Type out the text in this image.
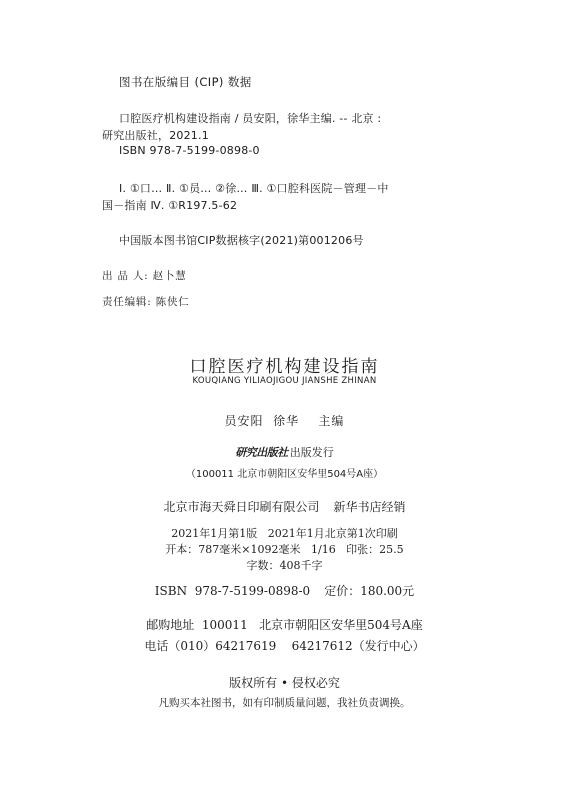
图书在版编目 (CIP) 数据
口腔医疗机构建设指南 / 员安阳，徐华主编. -- 北京 :
研究出版社，2021.1
ISBN 978-7-5199-0898-0
Ⅰ. ①口… Ⅱ. ①员… ②徐… Ⅲ. ①口腔科医院－管理－中
国－指南 Ⅳ. ①R197.5-62
中国版本图书馆CIP数据核字(2021)第001206号
出 品 人: 赵卜慧
责任编辑: 陈侠仁
口腔医疗机构建设指南
KOUQIANG YILIAOJIGOU JIANSHE ZHINAN
员安阳  徐华    主编
研究出版社 出版发行
（100011 北京市朝阳区安华里504号A座）
北京市海天舜日印刷有限公司 新华书店经销
2021年1月第1版   2021年1月北京第1次印刷
开本：787毫米×1092毫米   1/16   印张：25.5
字数：408千字
ISBN  978-7-5199-0898-0 定价：180.00元
邮购地址  100011   北京市朝阳区安华里504号A座
电话（010）64217619    64217612（发行中心）
版权所有 • 侵权必究
凡购买本社图书，如有印制质量问题，我社负责调换。
